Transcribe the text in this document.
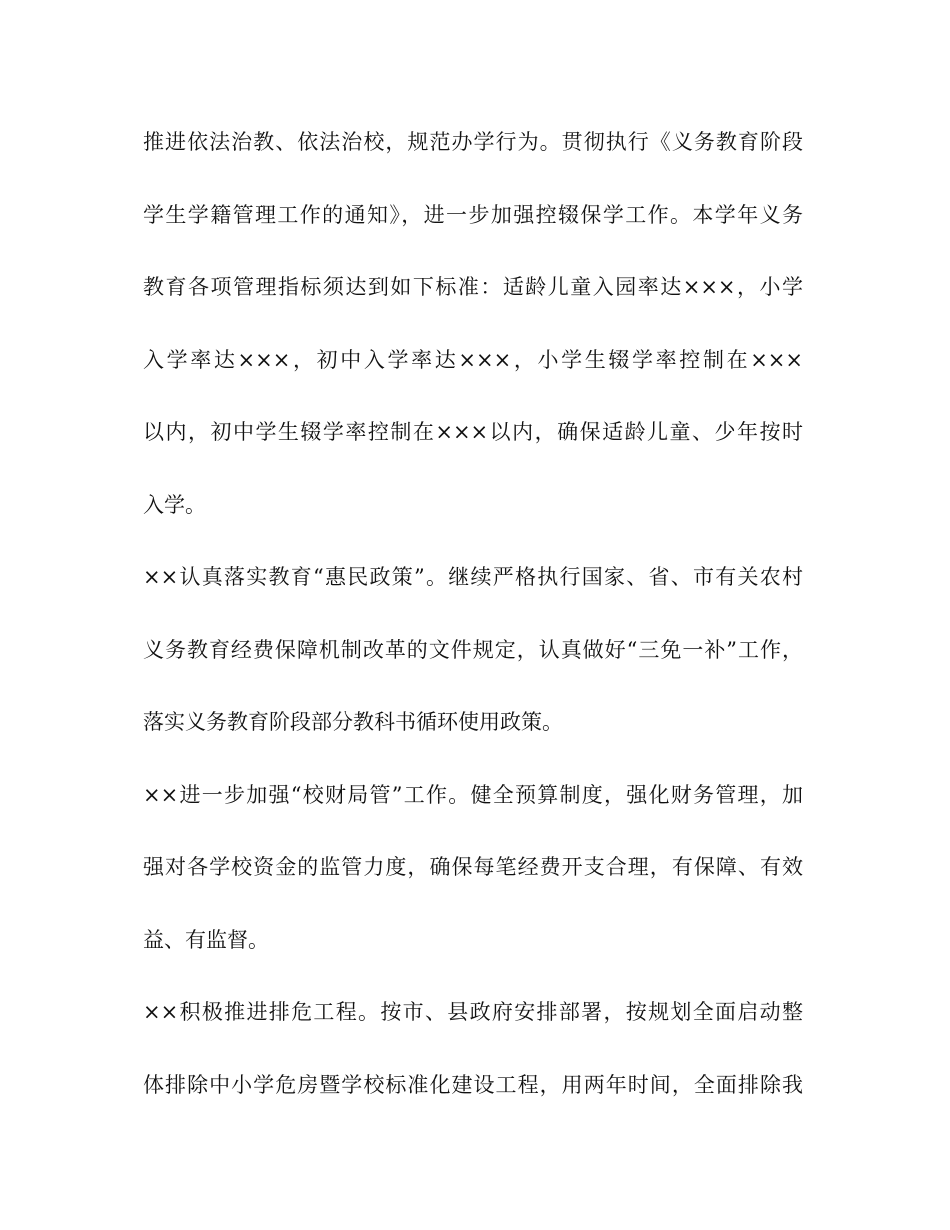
推进依法治教、依法治校，规范办学行为。贯彻执行《义务教育阶段
学生学籍管理工作的通知》，进一步加强控辍保学工作。本学年义务
教育各项管理指标须达到如下标准：适龄儿童入园率达×××，小学
入学率达×××，初中入学率达×××，小学生辍学率控制在×××
以内，初中学生辍学率控制在×××以内，确保适龄儿童、少年按时
入学。
××认真落实教育“惠民政策”。继续严格执行国家、省、市有关农村
义务教育经费保障机制改革的文件规定，认真做好“三免一补”工作，
落实义务教育阶段部分教科书循环使用政策。
××进一步加强“校财局管”工作。健全预算制度，强化财务管理，加
强对各学校资金的监管力度，确保每笔经费开支合理，有保障、有效
益、有监督。
××积极推进排危工程。按市、县政府安排部署，按规划全面启动整
体排除中小学危房暨学校标准化建设工程，用两年时间，全面排除我
